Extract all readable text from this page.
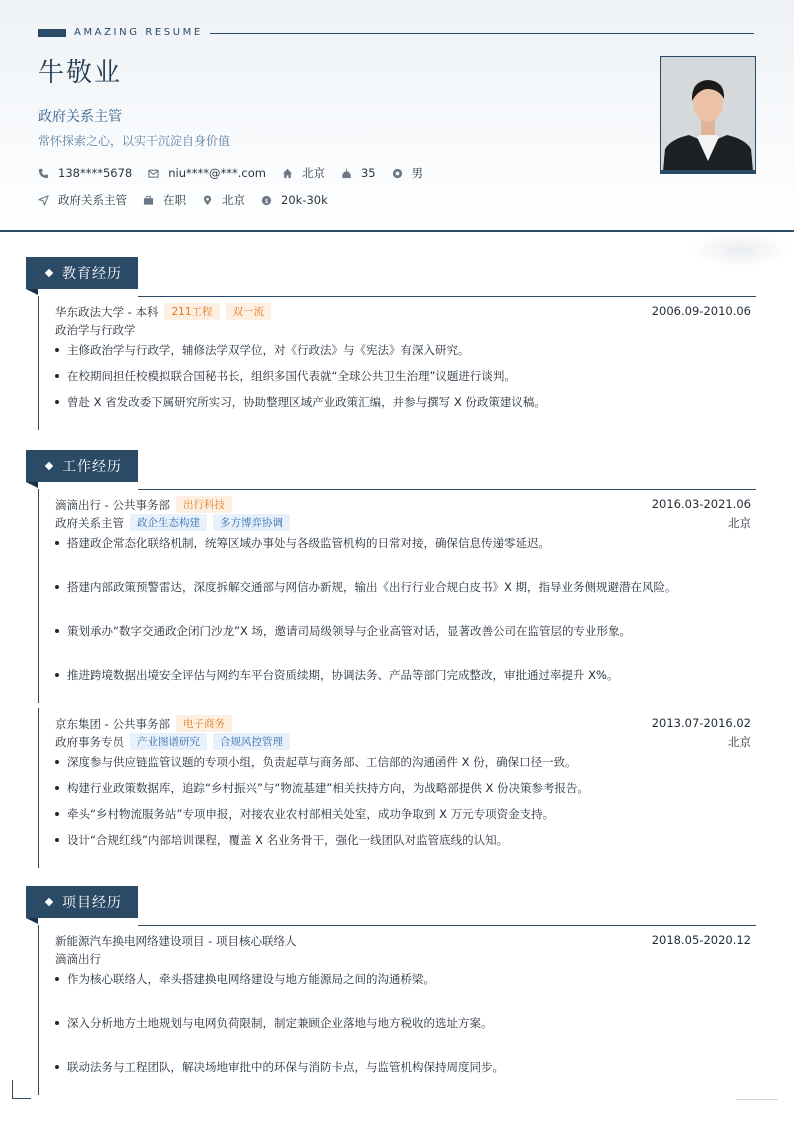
AMAZING RESUME
牛敬业
政府关系主管
常怀探索之心，以实干沉淀自身价值
138****5678	niu****@***.com	北京	35	男
政府关系主管	在职	北京	$ 20k-30k
教育经历
华东政法大学 - 本科	211工程	双一流	2006.09-2010.06
政治学与行政学
主修政治学与行政学，辅修法学双学位，对《行政法》与《宪法》有深入研究。
在校期间担任校模拟联合国秘书长，组织多国代表就“全球公共卫生治理”议题进行谈判。
曾赴 X 省发改委下属研究所实习，协助整理区域产业政策汇编，并参与撰写 X 份政策建议稿。
工作经历
滴滴出行 - 公共事务部	出行科技	2016.03-2021.06
政府关系主管	政企生态构建	多方博弈协调	北京
搭建政企常态化联络机制，统筹区域办事处与各级监管机构的日常对接，确保信息传递零延迟。
搭建内部政策预警雷达，深度拆解交通部与网信办新规，输出《出行行业合规白皮书》X 期，指导业务侧规避潜在风险。
策划承办“数字交通政企闭门沙龙”X 场，邀请司局级领导与企业高管对话，显著改善公司在监管层的专业形象。
推进跨境数据出境安全评估与网约车平台资质续期，协调法务、产品等部门完成整改，审批通过率提升 X%。
京东集团 - 公共事务部	电子商务	2013.07-2016.02
政府事务专员	产业图谱研究	合规风控管理	北京
深度参与供应链监管议题的专项小组，负责起草与商务部、工信部的沟通函件 X 份，确保口径一致。
构建行业政策数据库，追踪“乡村振兴”与“物流基建”相关扶持方向，为战略部提供 X 份决策参考报告。
牵头“乡村物流服务站”专项申报，对接农业农村部相关处室，成功争取到 X 万元专项资金支持。
设计“合规红线”内部培训课程，覆盖 X 名业务骨干，强化一线团队对监管底线的认知。
项目经历
新能源汽车换电网络建设项目 - 项目核心联络人	2018.05-2020.12
滴滴出行
作为核心联络人，牵头搭建换电网络建设与地方能源局之间的沟通桥梁。
深入分析地方土地规划与电网负荷限制，制定兼顾企业落地与地方税收的选址方案。
联动法务与工程团队，解决场地审批中的环保与消防卡点，与监管机构保持周度同步。
